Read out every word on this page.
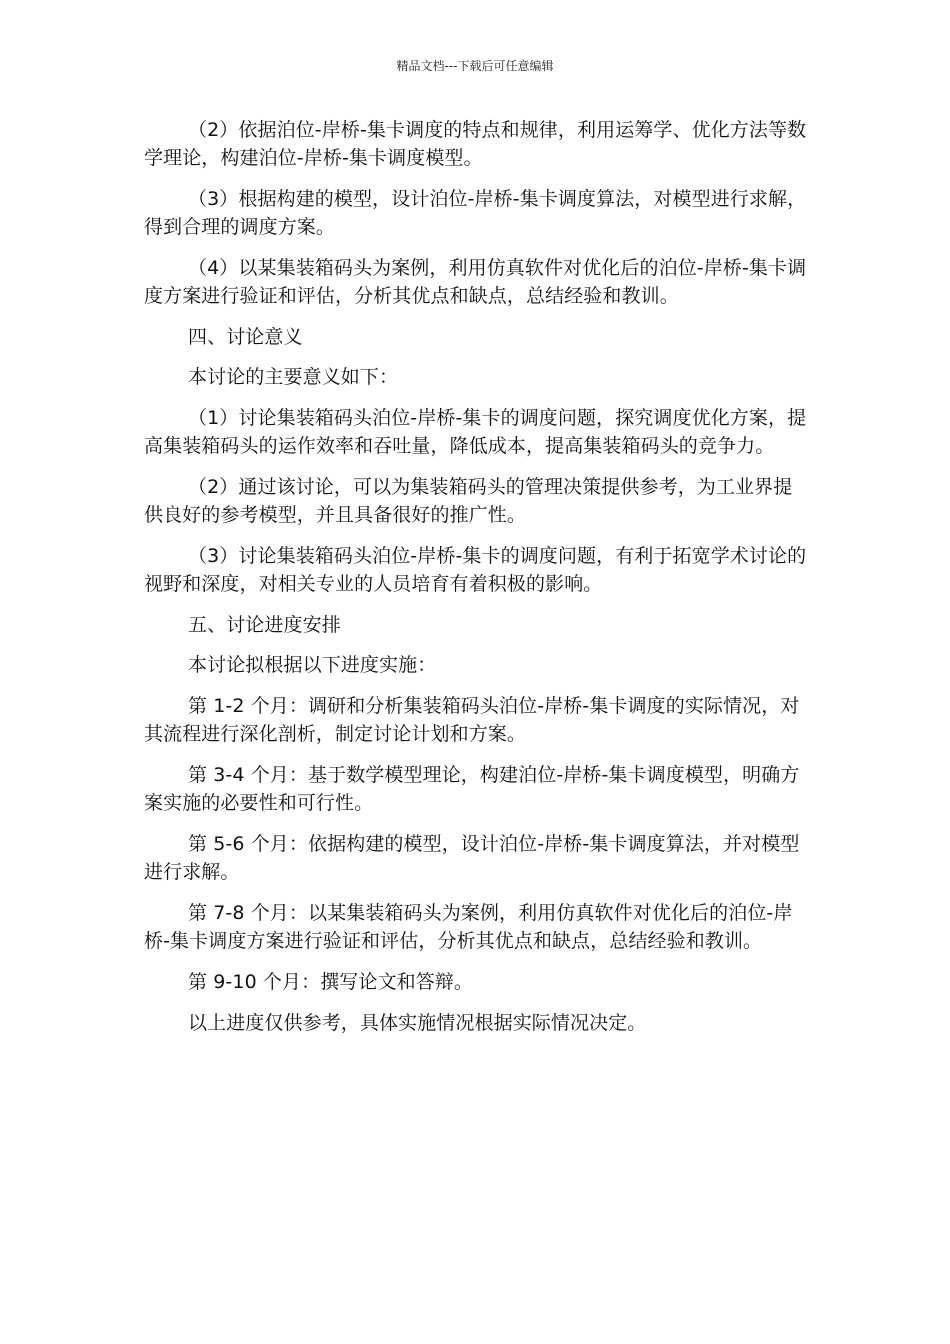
精品文档---下载后可任意编辑

（2）依据泊位-岸桥-集卡调度的特点和规律，利用运筹学、优化方法等数学理论，构建泊位-岸桥-集卡调度模型。

（3）根据构建的模型，设计泊位-岸桥-集卡调度算法，对模型进行求解，得到合理的调度方案。

（4）以某集装箱码头为案例，利用仿真软件对优化后的泊位-岸桥-集卡调度方案进行验证和评估，分析其优点和缺点，总结经验和教训。

四、讨论意义

本讨论的主要意义如下：

（1）讨论集装箱码头泊位-岸桥-集卡的调度问题，探究调度优化方案，提高集装箱码头的运作效率和吞吐量，降低成本，提高集装箱码头的竞争力。

（2）通过该讨论，可以为集装箱码头的管理决策提供参考，为工业界提供良好的参考模型，并且具备很好的推广性。

（3）讨论集装箱码头泊位-岸桥-集卡的调度问题，有利于拓宽学术讨论的视野和深度，对相关专业的人员培育有着积极的影响。

五、讨论进度安排

本讨论拟根据以下进度实施：

第 1-2 个月：调研和分析集装箱码头泊位-岸桥-集卡调度的实际情况，对其流程进行深化剖析，制定讨论计划和方案。

第 3-4 个月：基于数学模型理论，构建泊位-岸桥-集卡调度模型，明确方案实施的必要性和可行性。

第 5-6 个月：依据构建的模型，设计泊位-岸桥-集卡调度算法，并对模型进行求解。

第 7-8 个月：以某集装箱码头为案例，利用仿真软件对优化后的泊位-岸桥-集卡调度方案进行验证和评估，分析其优点和缺点，总结经验和教训。

第 9-10 个月：撰写论文和答辩。

以上进度仅供参考，具体实施情况根据实际情况决定。
